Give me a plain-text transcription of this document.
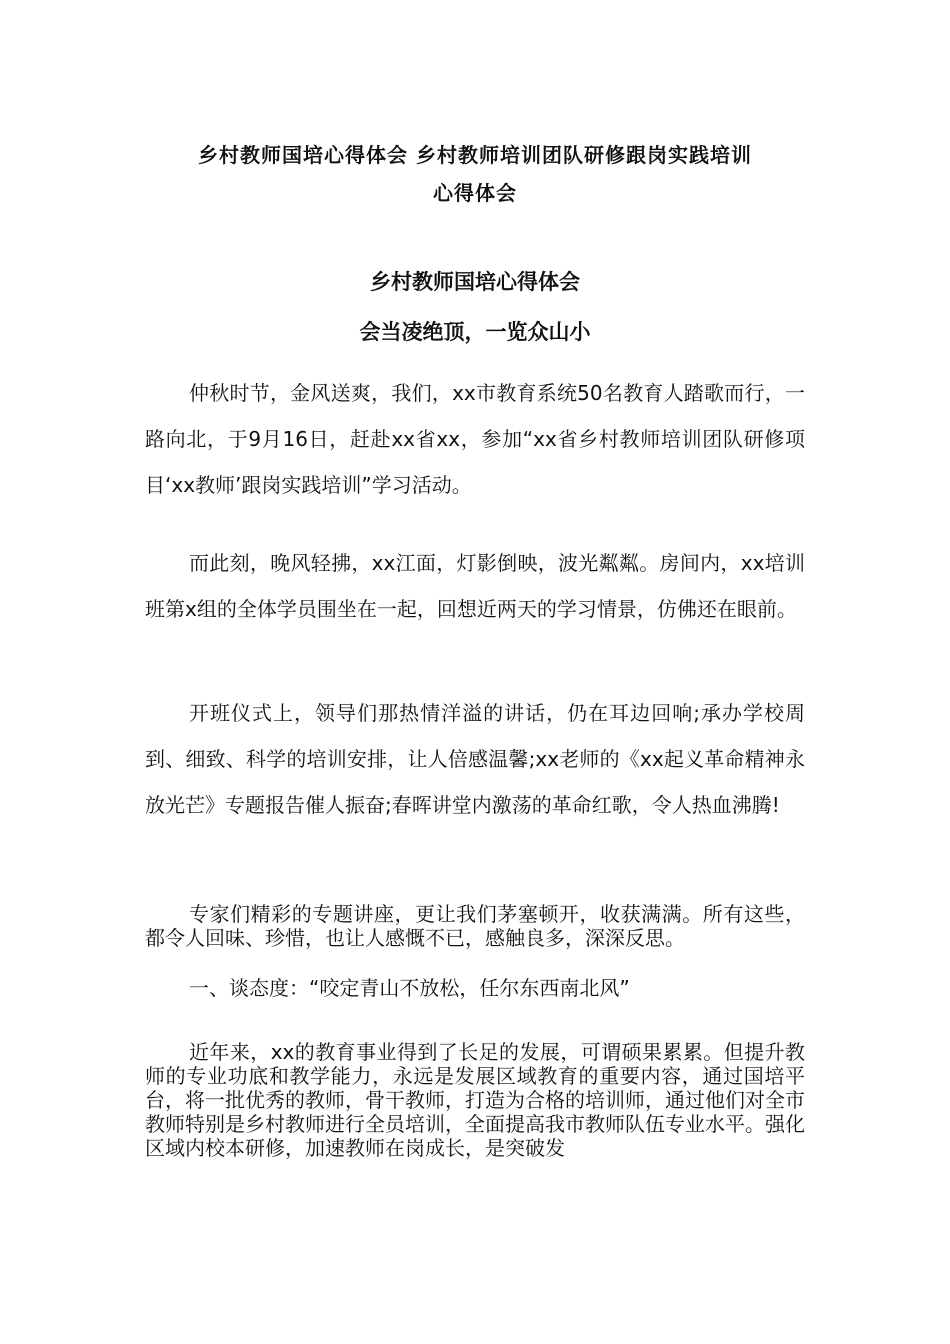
乡村教师国培心得体会 乡村教师培训团队研修跟岗实践培训
心得体会
乡村教师国培心得体会
会当凌绝顶，一览众山小

仲秋时节，金风送爽，我们，xx市教育系统50名教育人踏歌而行，一路向北，于9月16日，赶赴xx省xx，参加“xx省乡村教师培训团队研修项目‘xx教师’跟岗实践培训”学习活动。

而此刻，晚风轻拂，xx江面，灯影倒映，波光粼粼。房间内，xx培训班第x组的全体学员围坐在一起，回想近两天的学习情景，仿佛还在眼前。

开班仪式上，领导们那热情洋溢的讲话，仍在耳边回响;承办学校周到、细致、科学的培训安排，让人倍感温馨;xx老师的《xx起义革命精神永放光芒》专题报告催人振奋;春晖讲堂内激荡的革命红歌，令人热血沸腾!

专家们精彩的专题讲座，更让我们茅塞顿开，收获满满。所有这些，都令人回味、珍惜，也让人感慨不已，感触良多，深深反思。

一、谈态度：“咬定青山不放松，任尔东西南北风”

近年来，xx的教育事业得到了长足的发展，可谓硕果累累。但提升教师的专业功底和教学能力，永远是发展区域教育的重要内容，通过国培平台，将一批优秀的教师，骨干教师，打造为合格的培训师，通过他们对全市教师特别是乡村教师进行全员培训，全面提高我市教师队伍专业水平。强化区域内校本研修，加速教师在岗成长，是突破发
